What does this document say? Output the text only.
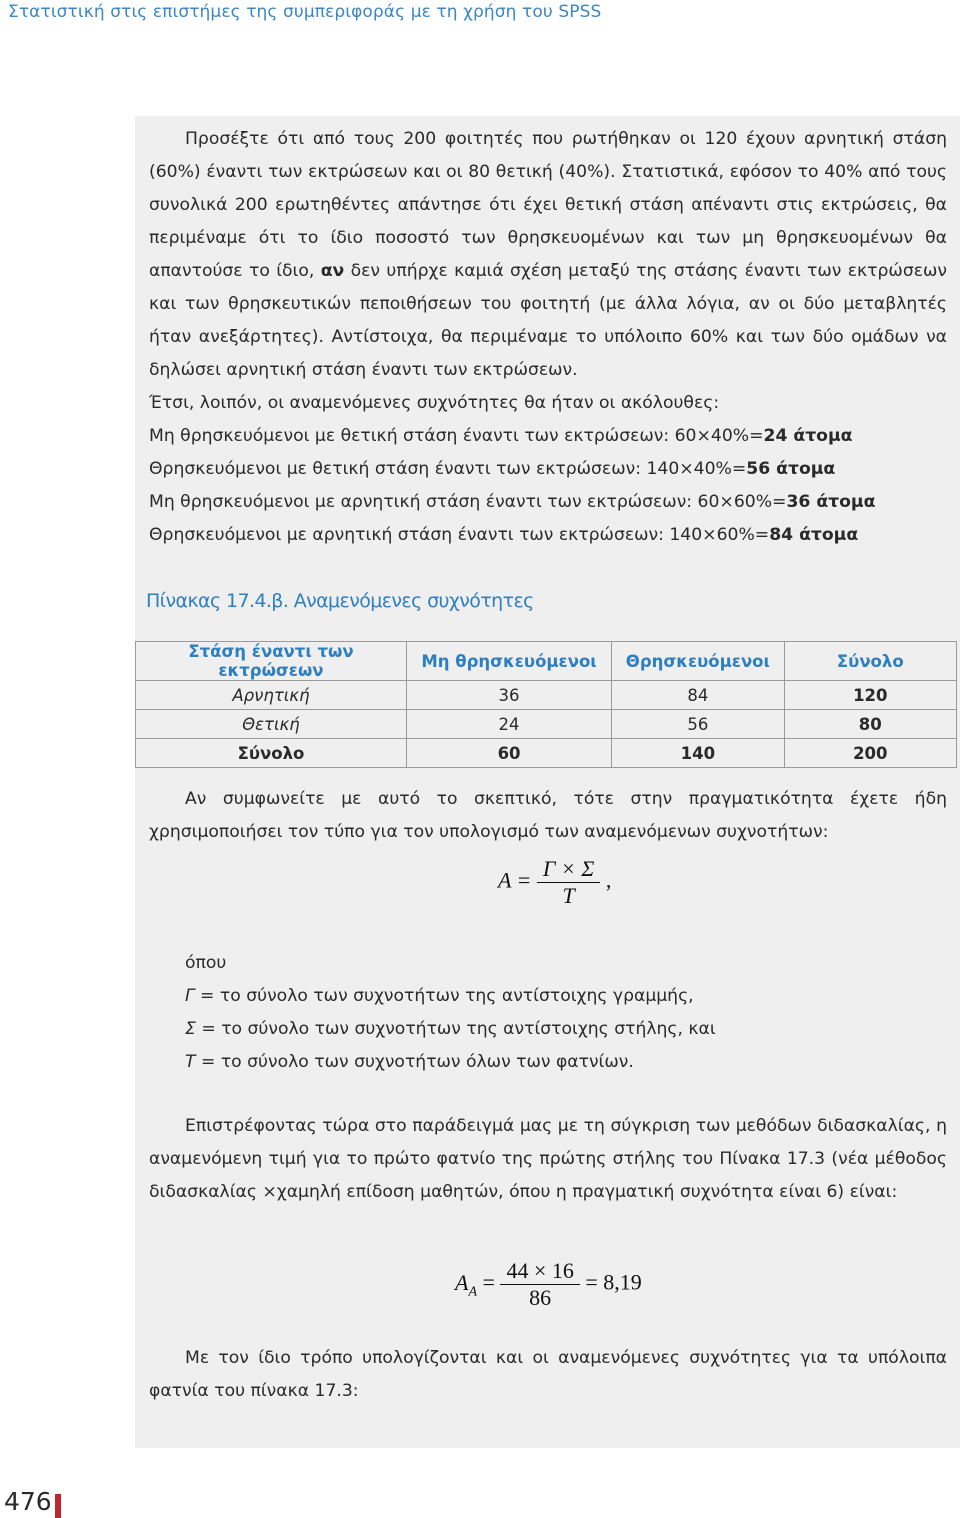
Στατιστική στις επιστήμες της συμπεριφοράς με τη χρήση του SPSS

Προσέξτε ότι από τους 200 φοιτητές που ρωτήθηκαν οι 120 έχουν αρνητική στάση (60%) έναντι των εκτρώσεων και οι 80 θετική (40%). Στατιστικά, εφόσον το 40% από τους συνολικά 200 ερωτηθέντες απάντησε ότι έχει θετική στάση απέναντι στις εκτρώσεις, θα περιμέναμε ότι το ίδιο ποσοστό των θρησκευομένων και των μη θρησκευομένων θα απαντούσε το ίδιο, αν δεν υπήρχε καμιά σχέση μεταξύ της στάσης έναντι των εκτρώσεων και των θρησκευτικών πεποιθήσεων του φοιτητή (με άλλα λόγια, αν οι δύο μεταβλητές ήταν ανεξάρτητες). Αντίστοιχα, θα περιμέναμε το υπόλοιπο 60% και των δύο ομάδων να δηλώσει αρνητική στάση έναντι των εκτρώσεων.

Έτσι, λοιπόν, οι αναμενόμενες συχνότητες θα ήταν οι ακόλουθες:

Μη θρησκευόμενοι με θετική στάση έναντι των εκτρώσεων: 60×40%=24 άτομα

Θρησκευόμενοι με θετική στάση έναντι των εκτρώσεων: 140×40%=56 άτομα

Μη θρησκευόμενοι με αρνητική στάση έναντι των εκτρώσεων: 60×60%=36 άτομα

Θρησκευόμενοι με αρνητική στάση έναντι των εκτρώσεων: 140×60%=84 άτομα

Πίνακας 17.4.β. Αναμενόμενες συχνότητες
Στάση έναντι των εκτρώσεων	Μη θρησκευόμενοι	Θρησκευόμενοι	Σύνολο
Αρνητική	36	84	120
Θετική	24	56	80
Σύνολο	60	140	200

Αν συμφωνείτε με αυτό το σκεπτικό, τότε στην πραγματικότητα έχετε ήδη χρησιμοποιήσει τον τύπο για τον υπολογισμό των αναμενόμενων συχνοτήτων:

$A = \frac{\Gamma \times \Sigma}{T}$ ,

όπου

Γ = το σύνολο των συχνοτήτων της αντίστοιχης γραμμής,

Σ = το σύνολο των συχνοτήτων της αντίστοιχης στήλης, και

Τ = το σύνολο των συχνοτήτων όλων των φατνίων.

Επιστρέφοντας τώρα στο παράδειγμά μας με τη σύγκριση των μεθόδων διδασκαλίας, η αναμενόμενη τιμή για το πρώτο φατνίο της πρώτης στήλης του Πίνακα 17.3 (νέα μέθοδος διδασκαλίας ×χαμηλή επίδοση μαθητών, όπου η πραγματική συχνότητα είναι 6) είναι:

$A_A = \frac{44 \times 16}{86} = 8,19$

Με τον ίδιο τρόπο υπολογίζονται και οι αναμενόμενες συχνότητες για τα υπόλοιπα φατνία του πίνακα 17.3:

476
